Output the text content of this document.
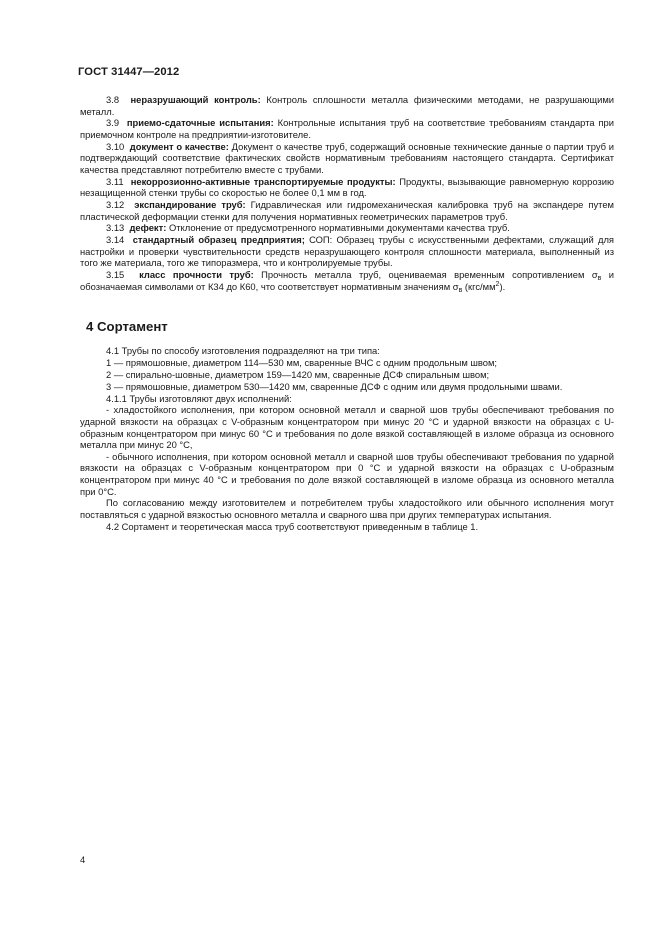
ГОСТ 31447—2012

3.8 неразрушающий контроль: Контроль сплошности металла физическими методами, не разрушающими металл.

3.9 приемо-сдаточные испытания: Контрольные испытания труб на соответствие требованиям стандарта при приемочном контроле на предприятии-изготовителе.

3.10 документ о качестве: Документ о качестве труб, содержащий основные технические данные о партии труб и подтверждающий соответствие фактических свойств нормативным требованиям настоящего стандарта. Сертификат качества представляют потребителю вместе с трубами.

3.11 некоррозионно-активные транспортируемые продукты: Продукты, вызывающие равномерную коррозию незащищенной стенки трубы со скоростью не более 0,1 мм в год.

3.12 экспандирование труб: Гидравлическая или гидромеханическая калибровка труб на экспандере путем пластической деформации стенки для получения нормативных геометрических параметров труб.

3.13 дефект: Отклонение от предусмотренного нормативными документами качества труб.

3.14 стандартный образец предприятия; СОП: Образец трубы с искусственными дефектами, служащий для настройки и проверки чувствительности средств неразрушающего контроля сплошности материала, выполненный из того же материала, того же типоразмера, что и контролируемые трубы.

3.15 класс прочности труб: Прочность металла труб, оцениваемая временным сопротивлением $\sigma_в$ и обозначаемая символами от К34 до К60, что соответствует нормативным значениям $\sigma_в$ $(кгс/мм^2)$.

4 Сортамент

4.1 Трубы по способу изготовления подразделяют на три типа:

1 — прямошовные, диаметром 114—530 мм, сваренные ВЧС с одним продольным швом;

2 — спирально-шовные, диаметром 159—1420 мм, сваренные ДСФ спиральным швом;

3 — прямошовные, диаметром 530—1420 мм, сваренные ДСФ с одним или двумя продольными швами.

4.1.1 Трубы изготовляют двух исполнений:

- хладостойкого исполнения, при котором основной металл и сварной шов трубы обеспечивают требования по ударной вязкости на образцах с V-образным концентратором при минус 20 °С и ударной вязкости на образцах с U-образным концентратором при минус 60 °С и требования по доле вязкой составляющей в изломе образца из основного металла при минус 20 °С,

- обычного исполнения, при котором основной металл и сварной шов трубы обеспечивают требования по ударной вязкости на образцах с V-образным концентратором при 0 °С и ударной вязкости на образцах с U-образным концентратором при минус 40 °С и требования по доле вязкой составляющей в изломе образца из основного металла при 0°С.

По согласованию между изготовителем и потребителем трубы хладостойкого или обычного исполнения могут поставляться с ударной вязкостью основного металла и сварного шва при других температурах испытания.

4.2 Сортамент и теоретическая масса труб соответствуют приведенным в таблице 1.

4
